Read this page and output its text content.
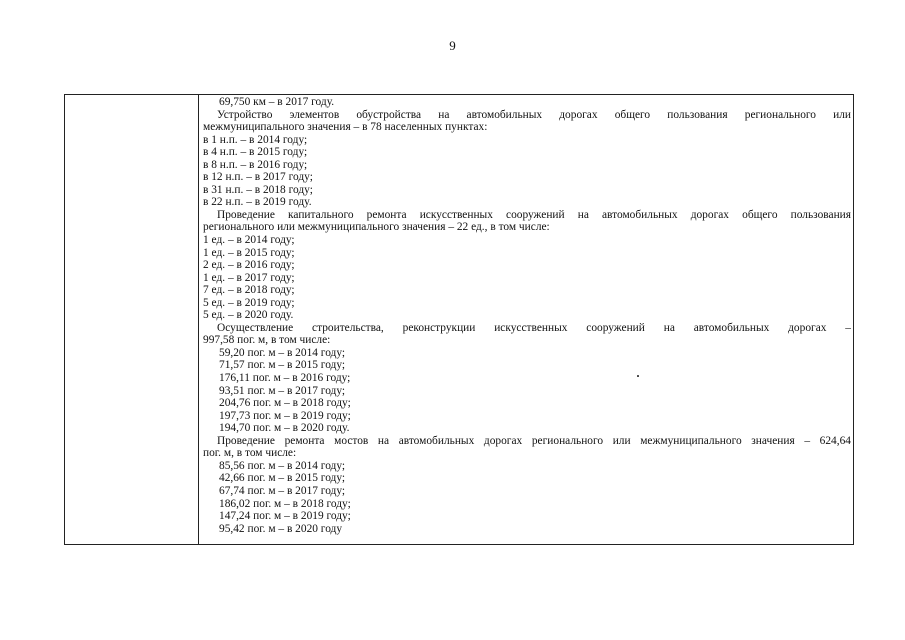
9
69,750 км – в 2017 году.
Устройство элементов обустройства на автомобильных дорогах общего пользования регионального или
межмуниципального значения – в 78 населенных пунктах:
в 1 н.п. – в 2014 году;
в 4 н.п. – в 2015 году;
в 8 н.п. – в 2016 году;
в 12 н.п. – в 2017 году;
в 31 н.п. – в 2018 году;
в 22 н.п. – в 2019 году.
Проведение капитального ремонта искусственных сооружений на автомобильных дорогах общего пользования
регионального или межмуниципального значения – 22 ед., в том числе:
1 ед. – в 2014 году;
1 ед. – в 2015 году;
2 ед. – в 2016 году;
1 ед. – в 2017 году;
7 ед. – в 2018 году;
5 ед. – в 2019 году;
5 ед. – в 2020 году.
Осуществление строительства, реконструкции искусственных сооружений на автомобильных дорогах –
997,58 пог. м, в том числе:
59,20 пог. м – в 2014 году;
71,57 пог. м – в 2015 году;
176,11 пог. м – в 2016 году;
93,51 пог. м – в 2017 году;
204,76 пог. м – в 2018 году;
197,73 пог. м – в 2019 году;
194,70 пог. м – в 2020 году.
Проведение ремонта мостов на автомобильных дорогах регионального или межмуниципального значения – 624,64
пог. м, в том числе:
85,56 пог. м – в 2014 году;
42,66 пог. м – в 2015 году;
67,74 пог. м – в 2017 году;
186,02 пог. м – в 2018 году;
147,24 пог. м – в 2019 году;
95,42 пог. м – в 2020 году
